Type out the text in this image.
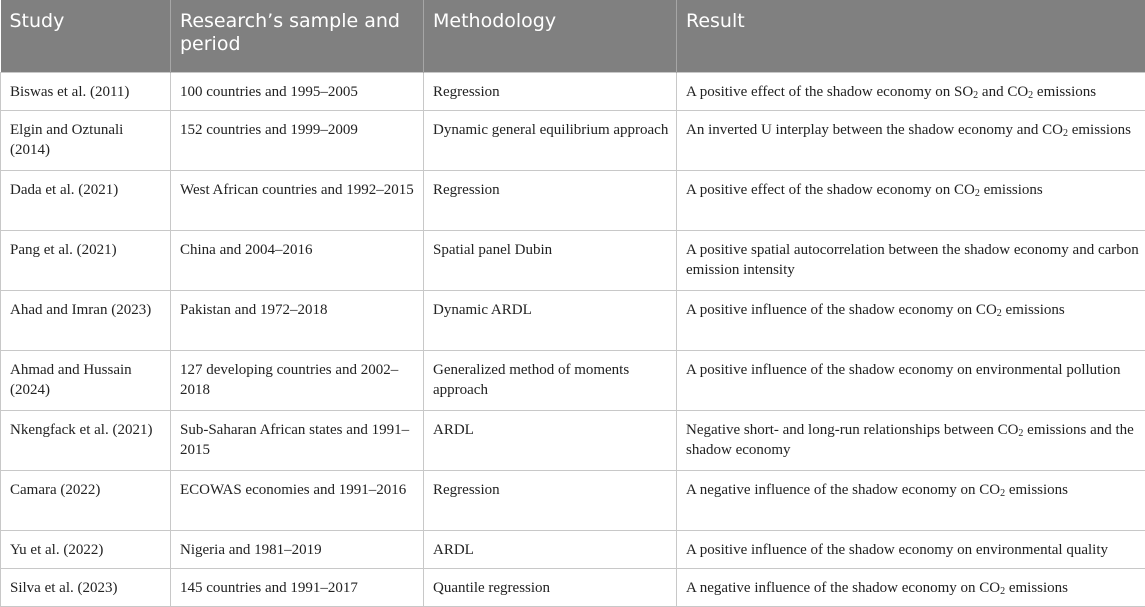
Study	Research’s sample and period	Methodology	Result
Biswas et al. (2011)	100 countries and 1995–2005	Regression	A positive effect of the shadow economy on $SO_2$ and $CO_2$ emissions
Elgin and Oztunali (2014)	152 countries and 1999–2009	Dynamic general equilibrium approach	An inverted U interplay between the shadow economy and $CO_2$ emissions
Dada et al. (2021)	West African countries and 1992–2015	Regression	A positive effect of the shadow economy on $CO_2$ emissions
Pang et al. (2021)	China and 2004–2016	Spatial panel Dubin	A positive spatial autocorrelation between the shadow economy and carbon emission intensity
Ahad and Imran (2023)	Pakistan and 1972–2018	Dynamic ARDL	A positive influence of the shadow economy on $CO_2$ emissions
Ahmad and Hussain (2024)	127 developing countries and 2002–2018	Generalized method of moments approach	A positive influence of the shadow economy on environmental pollution
Nkengfack et al. (2021)	Sub-Saharan African states and 1991–2015	ARDL	Negative short- and long-run relationships between $CO_2$ emissions and the shadow economy
Camara (2022)	ECOWAS economies and 1991–2016	Regression	A negative influence of the shadow economy on $CO_2$ emissions
Yu et al. (2022)	Nigeria and 1981–2019	ARDL	A positive influence of the shadow economy on environmental quality
Silva et al. (2023)	145 countries and 1991–2017	Quantile regression	A negative influence of the shadow economy on $CO_2$ emissions
